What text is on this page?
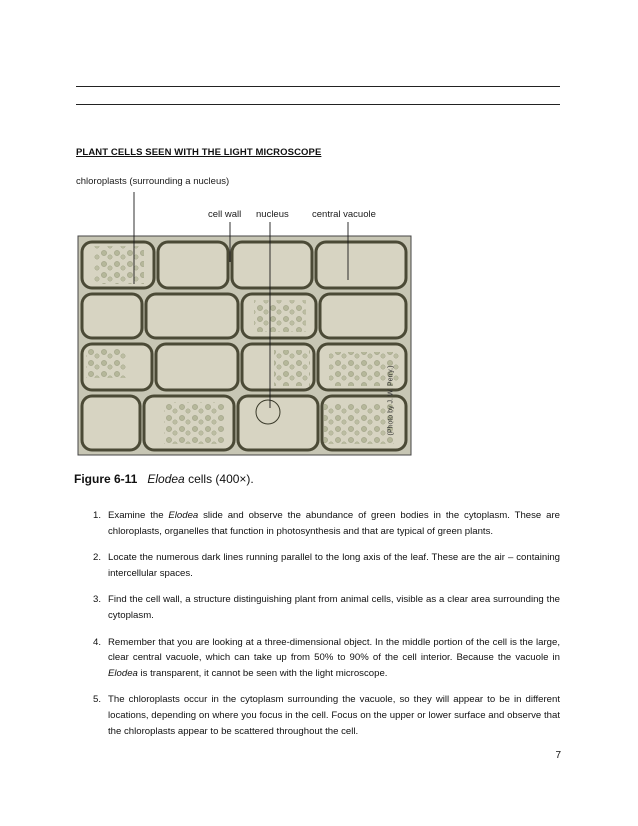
PLANT CELLS SEEN WITH THE LIGHT MICROSCOPE
chloroplasts (surrounding a nucleus)
cell wall nucleus central vacuole
(Photo by J. W. Perry.)
Figure 6-11 Elodea cells (400×).
1. Examine the Elodea slide and observe the abundance of green bodies in the cytoplasm. These are chloroplasts, organelles that function in photosynthesis and that are typical of green plants.
2. Locate the numerous dark lines running parallel to the long axis of the leaf. These are the air – containing intercellular spaces.
3. Find the cell wall, a structure distinguishing plant from animal cells, visible as a clear area surrounding the cytoplasm.
4. Remember that you are looking at a three-dimensional object. In the middle portion of the cell is the large, clear central vacuole, which can take up from 50% to 90% of the cell interior. Because the vacuole in Elodea is transparent, it cannot be seen with the light microscope.
5. The chloroplasts occur in the cytoplasm surrounding the vacuole, so they will appear to be in different locations, depending on where you focus in the cell. Focus on the upper or lower surface and observe that the chloroplasts appear to be scattered throughout the cell.
7
